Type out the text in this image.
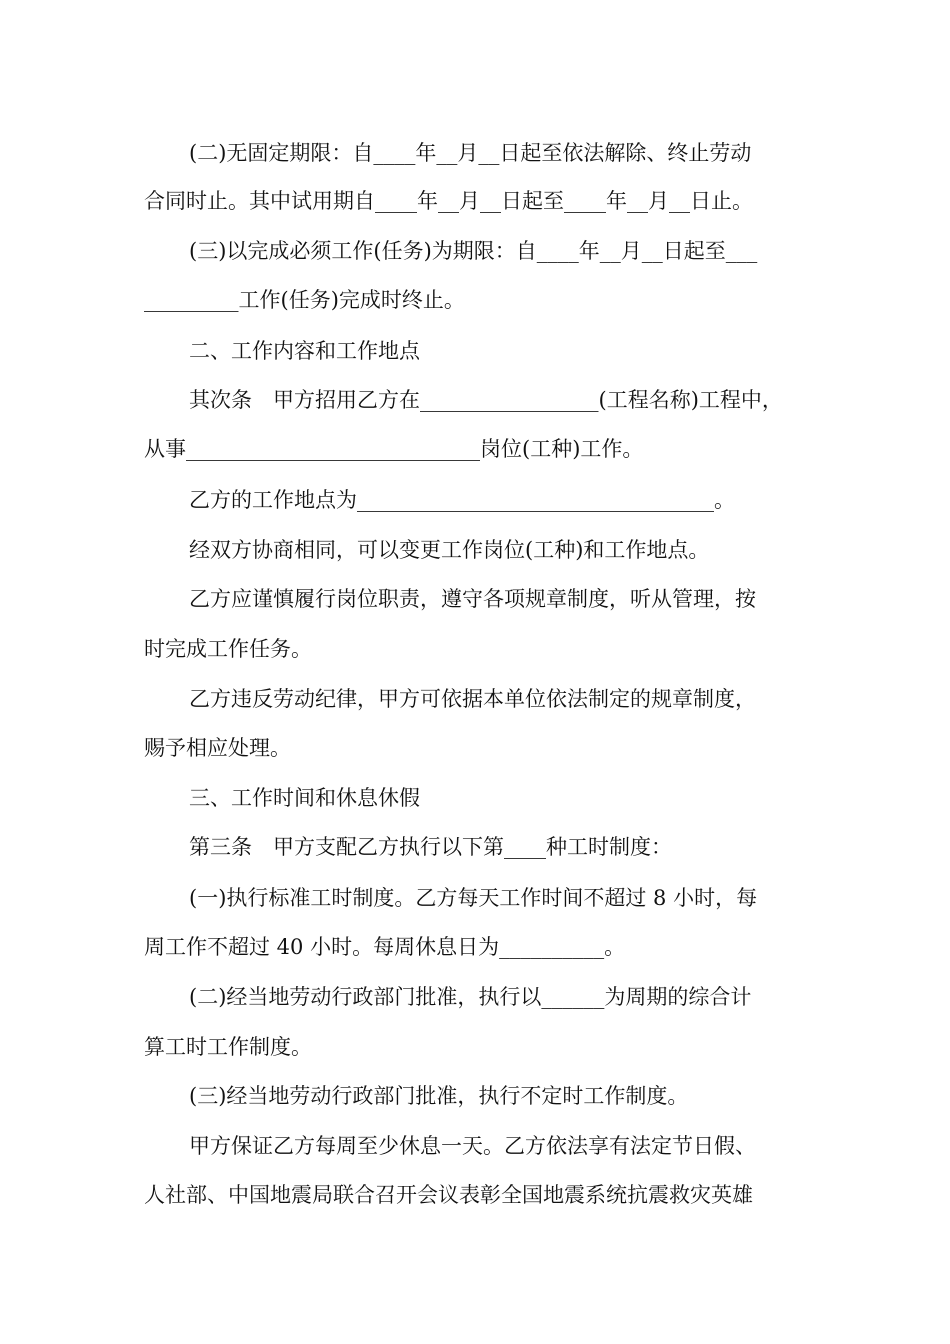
(二)无固定期限：自____年__月__日起至依法解除、终止劳动
合同时止。其中试用期自____年__月__日起至____年__月__日止。
(三)以完成必须工作(任务)为期限：自____年__月__日起至___
_________工作(任务)完成时终止。
二、工作内容和工作地点
其次条　甲方招用乙方在_________________(工程名称)工程中，
从事____________________________岗位(工种)工作。
乙方的工作地点为__________________________________。
经双方协商相同，可以变更工作岗位(工种)和工作地点。
乙方应谨慎履行岗位职责，遵守各项规章制度，听从管理，按
时完成工作任务。
乙方违反劳动纪律，甲方可依据本单位依法制定的规章制度，
赐予相应处理。
三、工作时间和休息休假
第三条　甲方支配乙方执行以下第____种工时制度：
(一)执行标准工时制度。乙方每天工作时间不超过 8 小时，每
周工作不超过 40 小时。每周休息日为__________。
(二)经当地劳动行政部门批准，执行以______为周期的综合计
算工时工作制度。
(三)经当地劳动行政部门批准，执行不定时工作制度。
甲方保证乙方每周至少休息一天。乙方依法享有法定节日假、
人社部、中国地震局联合召开会议表彰全国地震系统抗震救灾英雄
